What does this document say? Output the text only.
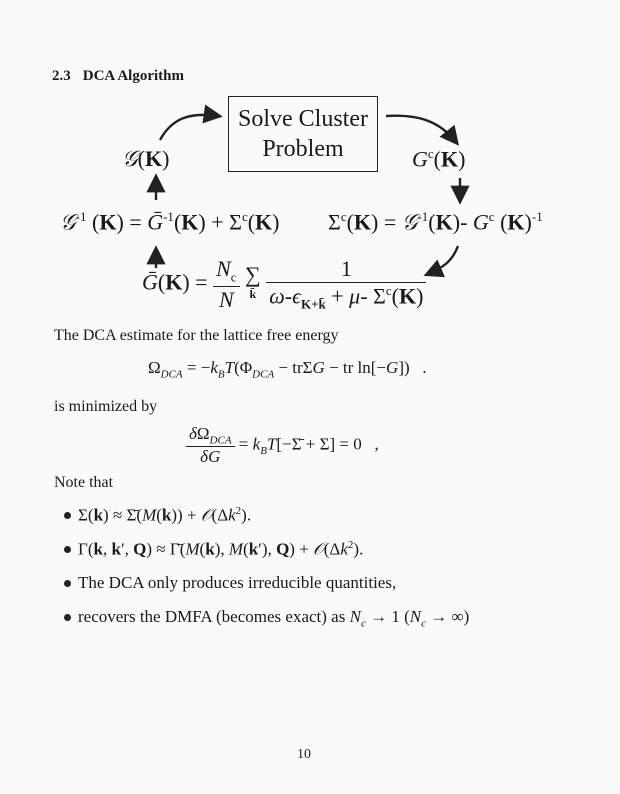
2.3 DCA Algorithm
Solve Cluster
Problem
𝒢(K)	$G^c(K)$
𝒢$^{-1}$ (K) = Ḡ$^{-1}$(K) + $\Sigma^c(K) \Sigma^c(K)$ = 𝒢$^{-1}$(K)- $G^c$ $(K)^{-1}$
Ḡ(K) = $\frac{N_c}{N}$ ∑
k̄ $\frac{1}{\omega-\epsilon_{K+k̄} + \mu- \Sigma^c(K)}$
The DCA estimate for the lattice free energy
$\Omega_{DCA} = -k_BT(\Phi_{DCA} - tr\Sigma G$ − tr ln[−G])   .
is minimized by
$\frac{\delta\Omega_{DCA}}{\delta G}$ = $k_BT[-\Sigmā + \Sigma] = 0$   ,
Note that
Σ(k) ≈ Σ̄(M(k)) + $𝒪(\Delta k^2)$.
Γ(k, k′, Q) ≈ Γ̄(M(k), M(k′), $Q) + 𝒪(\Delta k^2)$.
The DCA only produces irreducible quantities,
recovers the DMFA (becomes exact) as $N_c \to 1$ ($N_c$ → ∞)
10
